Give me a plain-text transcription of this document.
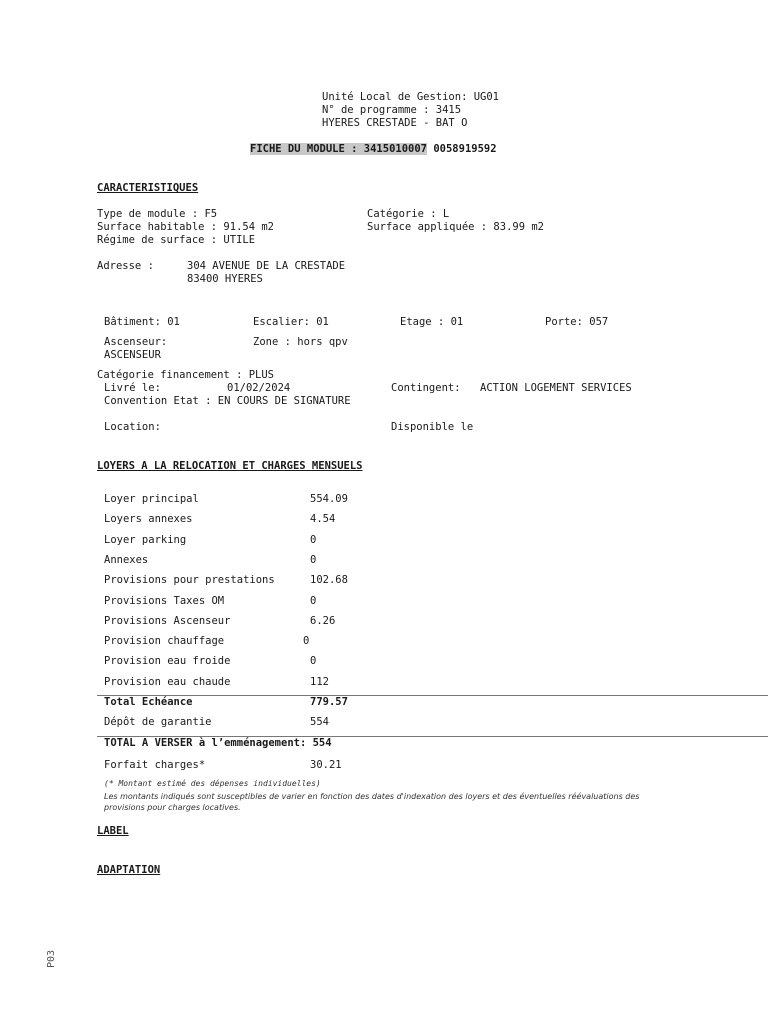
Unité Local de Gestion: UG01
N° de programme : 3415
HYERES CRESTADE - BAT O
FICHE DU MODULE : 3415010007 0058919592
CARACTERISTIQUES
Type de module : F5	Catégorie : L
Surface habitable : 91.54 m2	Surface appliquée : 83.99 m2
Régime de surface : UTILE
Adresse :	304 AVENUE DE LA CRESTADE
83400 HYERES
Bâtiment: 01	Escalier: 01	Etage : 01	Porte: 057
Ascenseur:	Zone : hors qpv
ASCENSEUR
Catégorie financement : PLUS
Livré le:	01/02/2024	Contingent: ACTION LOGEMENT SERVICES
Convention Etat : EN COURS DE SIGNATURE
Location:	Disponible le
LOYERS A LA RELOCATION ET CHARGES MENSUELS
Loyer principal	554.09
Loyers annexes	4.54
Loyer parking	0
Annexes	0
Provisions pour prestations	102.68
Provisions Taxes OM	0
Provisions Ascenseur	6.26
Provision chauffage	0
Provision eau froide	0
Provision eau chaude	112
Total Echéance	779.57
Dépôt de garantie	554
TOTAL A VERSER à l’emménagement: 554
Forfait charges*	30.21
(* Montant estimé des dépenses individuelles)
Les montants indiqués sont susceptibles de varier en fonction des dates d'indexation des loyers et des éventuelles réévaluations des
provisions pour charges locatives.
LABEL
ADAPTATION
P03
